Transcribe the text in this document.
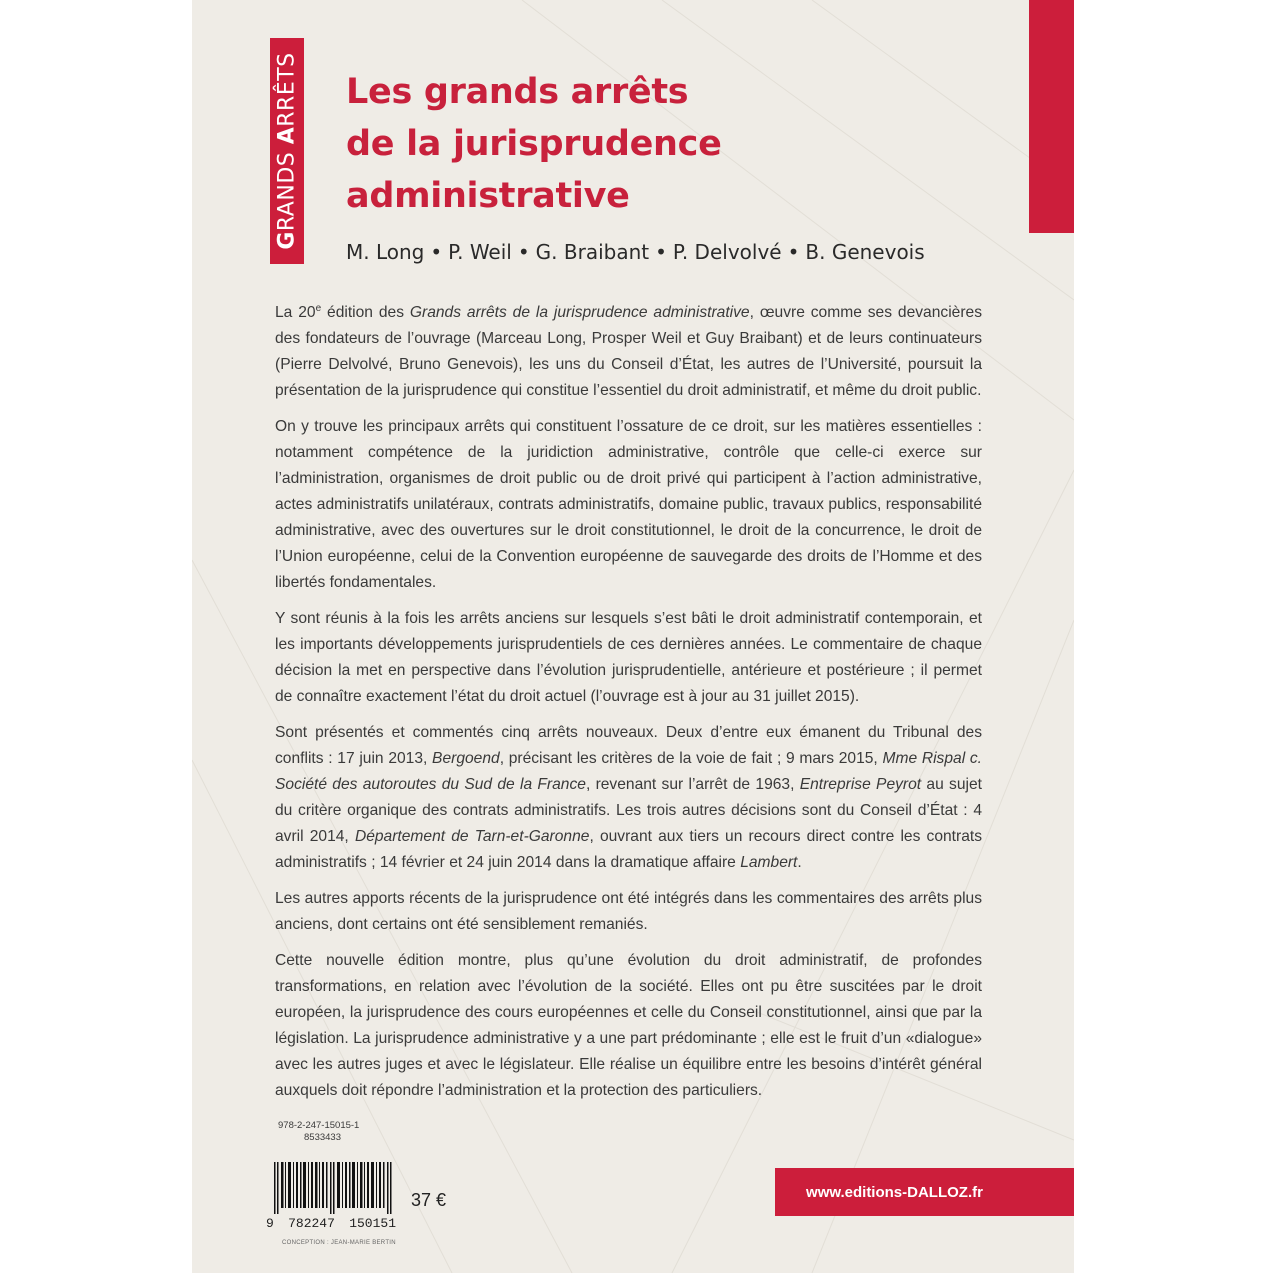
GRANDS ARRÊTS Les grands arrêts
de la jurisprudence
administrative
M. Long • P. Weil • G. Braibant • P. Delvolvé • B. Genevois

La 20e édition des Grands arrêts de la jurisprudence administrative, œuvre comme ses devancières des fondateurs de l’ouvrage (Marceau Long, Prosper Weil et Guy Braibant) et de leurs continuateurs (Pierre Delvolvé, Bruno Genevois), les uns du Conseil d’État, les autres de l’Université, poursuit la présentation de la jurisprudence qui constitue l’essentiel du droit administratif, et même du droit public.

On y trouve les principaux arrêts qui constituent l’ossature de ce droit, sur les matières essentielles : notamment compétence de la juridiction administrative, contrôle que celle-ci exerce sur l’administration, organismes de droit public ou de droit privé qui participent à l’action administrative, actes administratifs unilatéraux, contrats administratifs, domaine public, travaux publics, responsabilité administrative, avec des ouvertures sur le droit constitutionnel, le droit de la concurrence, le droit de l’Union européenne, celui de la Convention européenne de sauvegarde des droits de l’Homme et des libertés fondamentales.

Y sont réunis à la fois les arrêts anciens sur lesquels s’est bâti le droit administratif contemporain, et les importants développements jurisprudentiels de ces dernières années. Le commentaire de chaque décision la met en perspective dans l’évolution jurisprudentielle, antérieure et postérieure ; il permet de connaître exactement l’état du droit actuel (l’ouvrage est à jour au 31 juillet 2015).

Sont présentés et commentés cinq arrêts nouveaux. Deux d’entre eux émanent du Tribunal des conflits : 17 juin 2013, Bergoend, précisant les critères de la voie de fait ; 9 mars 2015, Mme Rispal c. Société des autoroutes du Sud de la France, revenant sur l’arrêt de 1963, Entreprise Peyrot au sujet du critère organique des contrats administratifs. Les trois autres décisions sont du Conseil d’État : 4 avril 2014, Département de Tarn-et-Garonne, ouvrant aux tiers un recours direct contre les contrats administratifs ; 14 février et 24 juin 2014 dans la dramatique affaire Lambert.

Les autres apports récents de la jurisprudence ont été intégrés dans les commentaires des arrêts plus anciens, dont certains ont été sensiblement remaniés.

Cette nouvelle édition montre, plus qu’une évolution du droit administratif, de profondes transformations, en relation avec l’évolution de la société. Elles ont pu être suscitées par le droit européen, la jurisprudence des cours européennes et celle du Conseil constitutionnel, ainsi que par la législation. La jurisprudence administrative y a une part prédominante ; elle est le fruit d’un «dialogue» avec les autres juges et avec le législateur. Elle réalise un équilibre entre les besoins d’intérêt général auxquels doit répondre l’administration et la protection des particuliers.

978-2-247-15015-1
8533433
9 782247 150151
CONCEPTION : JEAN-MARIE BERTIN
37 €	www.editions-DALLOZ.fr
